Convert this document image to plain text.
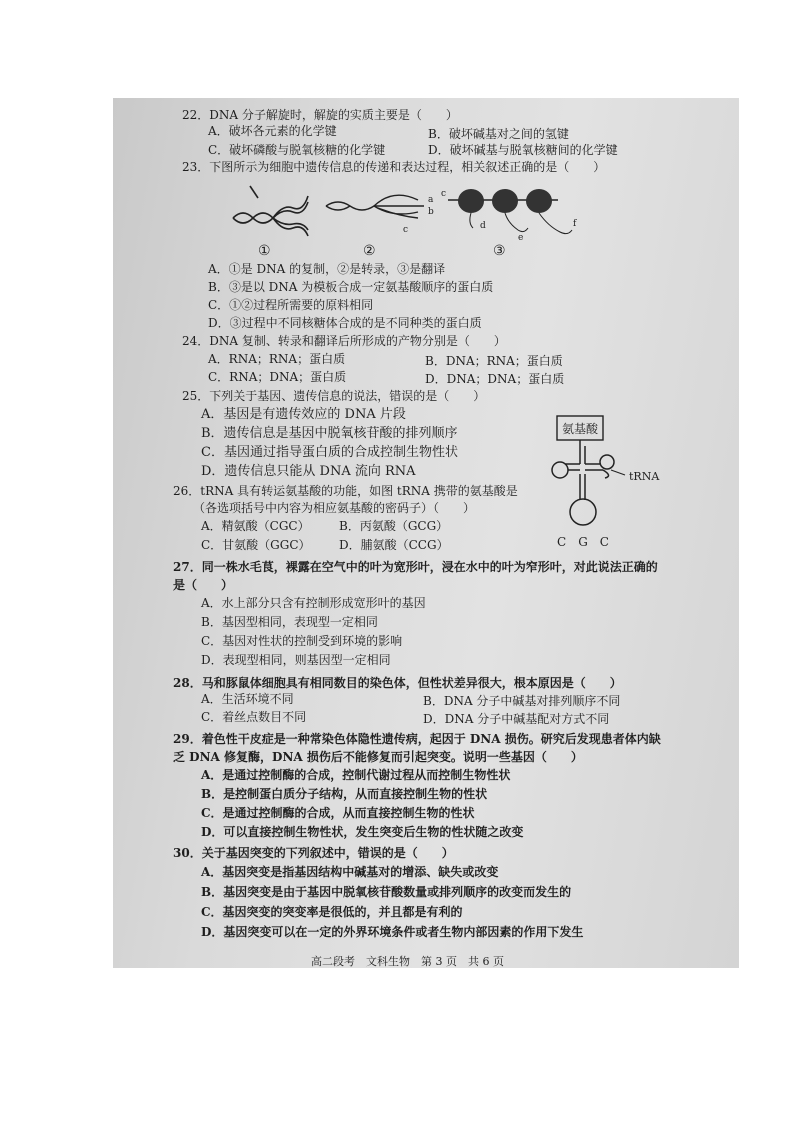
22．DNA 分子解旋时，解旋的实质主要是（　　）
A．破坏各元素的化学键	B．破坏碱基对之间的氢键
C．破坏磷酸与脱氧核糖的化学键	D．破坏碱基与脱氧核糖间的化学键
23．下图所示为细胞中遗传信息的传递和表达过程，相关叙述正确的是（　　）
a
b
c
c
d
e
f
①	②	③
A．①是 DNA 的复制，②是转录，③是翻译
B．③是以 DNA 为模板合成一定氨基酸顺序的蛋白质
C．①②过程所需要的原料相同
D．③过程中不同核糖体合成的是不同种类的蛋白质
24．DNA 复制、转录和翻译后所形成的产物分别是（　　）
A．RNA；RNA；蛋白质	B．DNA；RNA；蛋白质
C．RNA；DNA；蛋白质	D．DNA；DNA；蛋白质
25．下列关于基因、遗传信息的说法，错误的是（　　）
A．基因是有遗传效应的 DNA 片段
B．遗传信息是基因中脱氧核苷酸的排列顺序
C．基因通过指导蛋白质的合成控制生物性状
D．遗传信息只能从 DNA 流向 RNA
氨基酸
tRNA
C　G　C
26．tRNA 具有转运氨基酸的功能，如图 tRNA 携带的氨基酸是
（各选项括号中内容为相应氨基酸的密码子）（　　）
A．精氨酸（CGC） B．丙氨酸（GCG）
C．甘氨酸（GGC） D．脯氨酸（CCG）
27．同一株水毛茛，裸露在空气中的叶为宽形叶，浸在水中的叶为窄形叶，对此说法正确的
是（　　）
A．水上部分只含有控制形成宽形叶的基因
B．基因型相同，表现型一定相同
C．基因对性状的控制受到环境的影响
D．表现型相同，则基因型一定相同
28．马和豚鼠体细胞具有相同数目的染色体，但性状差异很大，根本原因是（　　）
A．生活环境不同	B．DNA 分子中碱基对排列顺序不同
C．着丝点数目不同	D．DNA 分子中碱基配对方式不同
29．着色性干皮症是一种常染色体隐性遗传病，起因于 DNA 损伤。研究后发现患者体内缺
乏 DNA 修复酶，DNA 损伤后不能修复而引起突变。说明一些基因（　　）
A．是通过控制酶的合成，控制代谢过程从而控制生物性状
B．是控制蛋白质分子结构，从而直接控制生物的性状
C．是通过控制酶的合成，从而直接控制生物的性状
D．可以直接控制生物性状，发生突变后生物的性状随之改变
30．关于基因突变的下列叙述中，错误的是（　　）
A．基因突变是指基因结构中碱基对的增添、缺失或改变
B．基因突变是由于基因中脱氧核苷酸数量或排列顺序的改变而发生的
C．基因突变的突变率是很低的，并且都是有利的
D．基因突变可以在一定的外界环境条件或者生物内部因素的作用下发生
高二段考　文科生物　第 3 页　共 6 页
